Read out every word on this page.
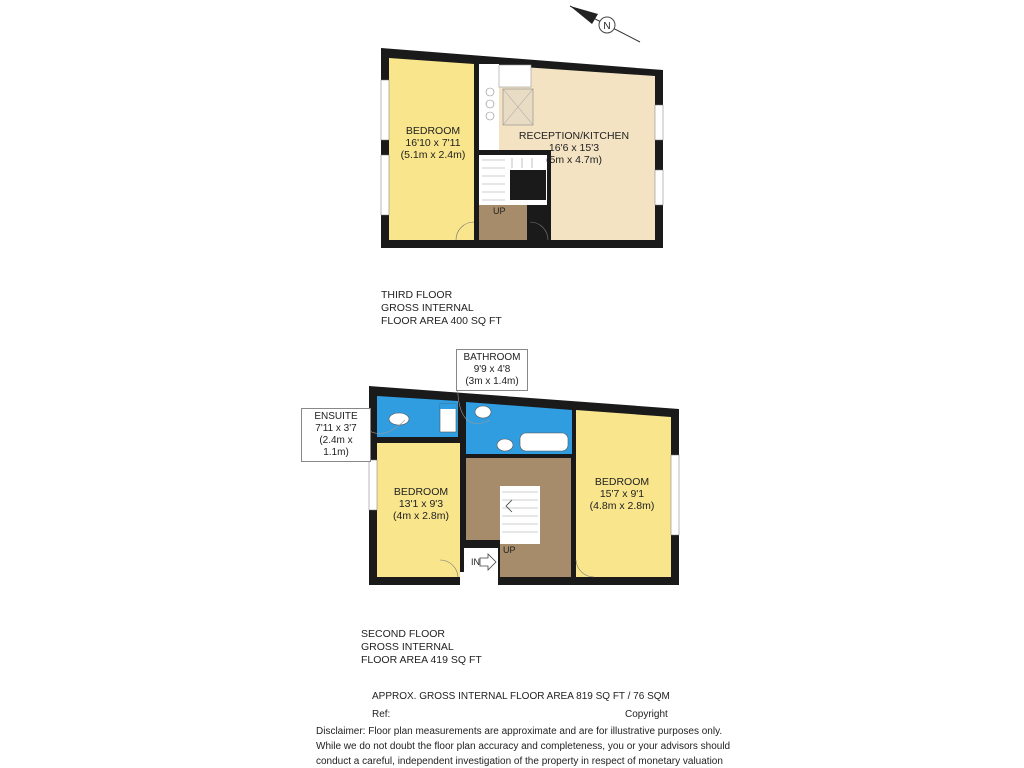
N
UP
BEDROOM
16'10 x 7'11
(5.1m x 2.4m)
RECEPTION/KITCHEN
16'6 x 15'3
(5m x 4.7m)
IN
UP
BEDROOM
13'1 x 9'3
(4m x 2.8m)
BEDROOM
15'7 x 9'1
(4.8m x 2.8m)

THIRD FLOOR
GROSS INTERNAL
FLOOR AREA 400 SQ FT

SECOND FLOOR
GROSS INTERNAL
FLOOR AREA 419 SQ FT

BATHROOM
9'9 x 4'8
(3m x 1.4m)
ENSUITE
7'11 x 3'7
(2.4m x 1.1m)
APPROX. GROSS INTERNAL FLOOR AREA 819 SQ FT / 76 SQM
Ref:	Copyright
Disclaimer: Floor plan measurements are approximate and are for illustrative purposes only.
While we do not doubt the floor plan accuracy and completeness, you or your advisors should
conduct a careful, independent investigation of the property in respect of monetary valuation
